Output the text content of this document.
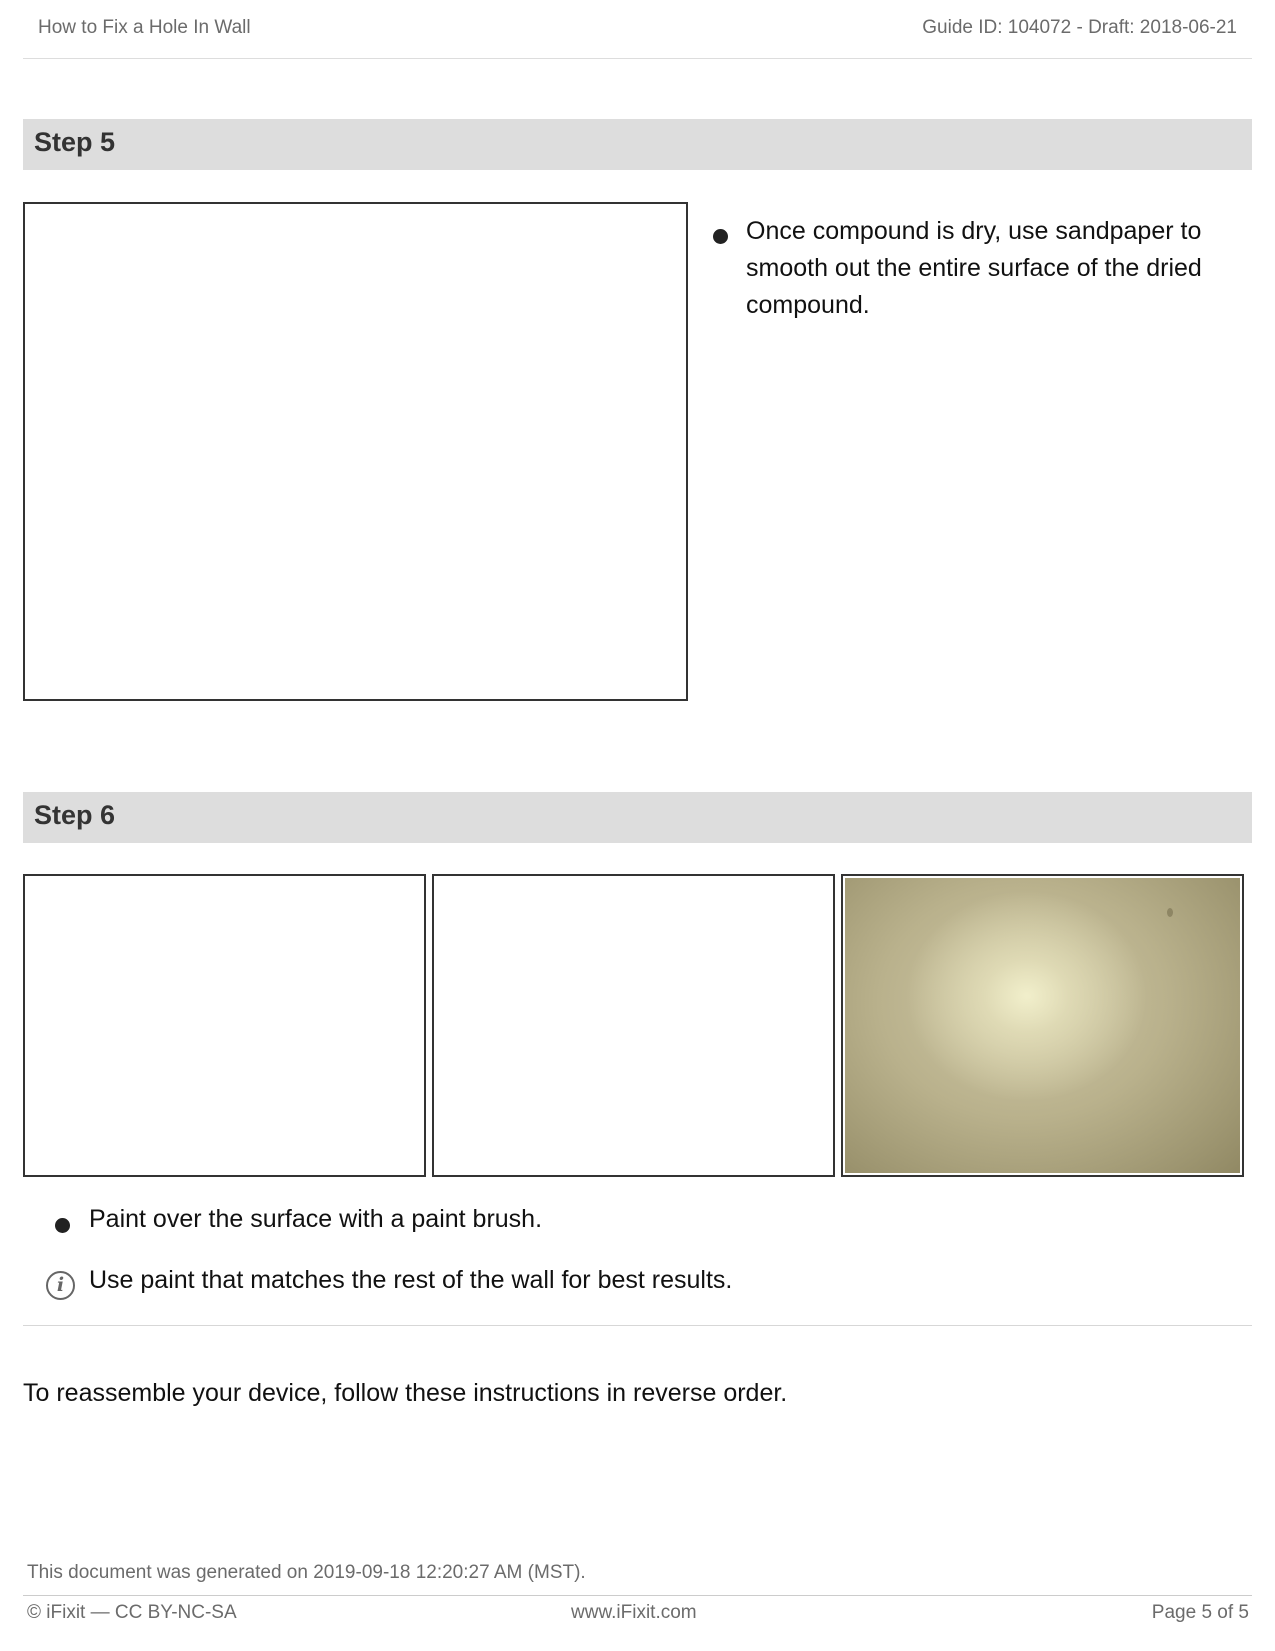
How to Fix a Hole In Wall	Guide ID: 104072 - Draft: 2018-06-21
Step 5
Once compound is dry, use sandpaper to smooth out the entire surface of the dried compound.
Step 6
Paint over the surface with a paint brush.
i Use paint that matches the rest of the wall for best results.
To reassemble your device, follow these instructions in reverse order.
This document was generated on 2019-09-18 12:20:27 AM (MST).
© iFixit — CC BY-NC-SA	www.iFixit.com	Page 5 of 5
